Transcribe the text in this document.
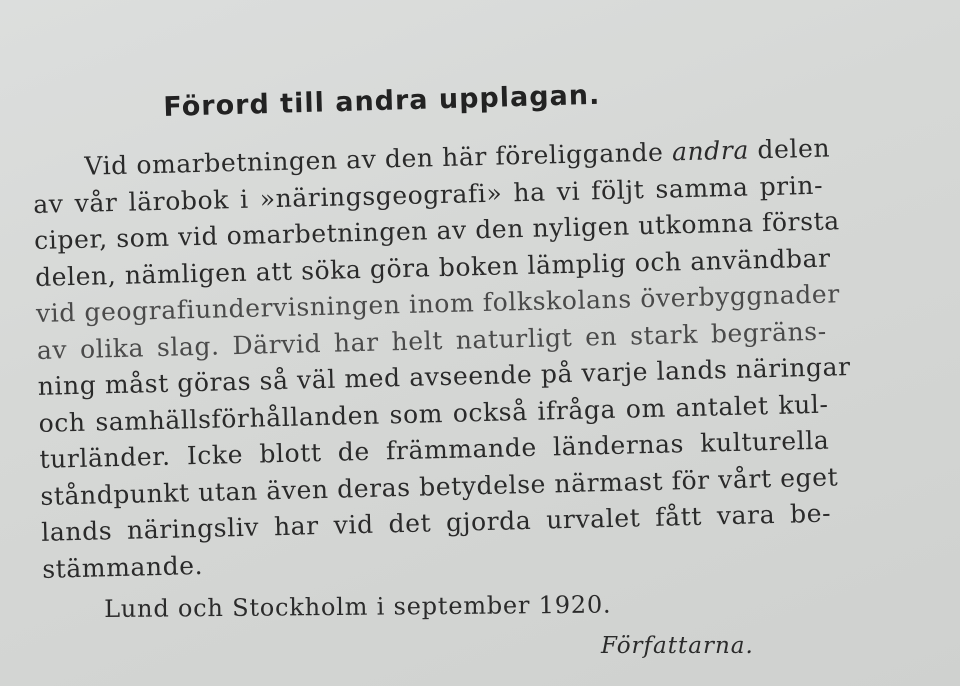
Förord till andra upplagan.
Vid omarbetningen av den här föreliggande andra delen
av vår lärobok i »näringsgeografi» ha vi följt samma prin-
ciper, som vid omarbetningen av den nyligen utkomna första
delen, nämligen att söka göra boken lämplig och användbar
vid geografiundervisningen inom folkskolans överbyggnader
av olika slag. Därvid har helt naturligt en stark begräns-
ning måst göras så väl med avseende på varje lands näringar
och samhällsförhållanden som också ifråga om antalet kul-
turländer. Icke blott de främmande ländernas kulturella
ståndpunkt utan även deras betydelse närmast för vårt eget
lands näringsliv har vid det gjorda urvalet fått vara be-
stämmande.
Lund och Stockholm i september 1920.
Författarna.
